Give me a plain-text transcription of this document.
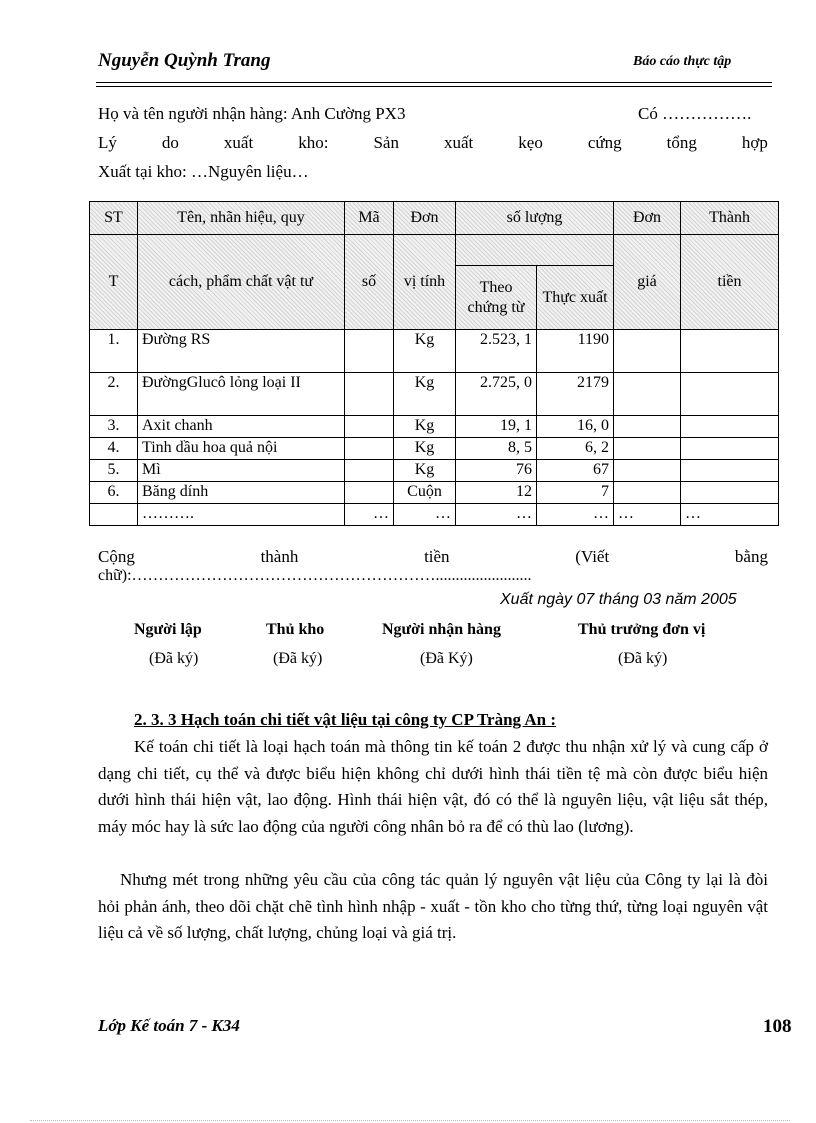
Nguyễn Quỳnh Trang	Báo cáo thực tập
Họ và tên người nhận hàng: Anh Cường PX3	Có …………….
Lý	do	xuất	kho:	Sản	xuất	kẹo	cứng	tổng	hợp
Xuất tại kho: …Nguyên liệu…
ST	Tên, nhãn hiệu, quy	Mã	Đơn	số lượng		Đơn	Thành
T	cách, phẩm chất vật tư	số	vị tính			giá	tiền
				Theo chứng từ	Thực xuất		
1.	Đường RS		Kg	2.523, 1	1190		
2.	ĐườngGlucô lỏng loại II		Kg	2.725, 0	2179		
3.	Axit chanh		Kg	19, 1	16, 0		
4.	Tinh dầu hoa quả nội		Kg	8, 5	6, 2		
5.	Mì		Kg	76	67		
6.	Băng dính		Cuộn	12	7		
	……….	…	…	…	…	…	…
Cộng	thành	tiền	(Viết	bằng
chữ):…………………………………………………........................
Xuất ngày 07 tháng 03 năm 2005
Người lập	Thủ kho	Người nhận hàng	Thủ trưởng đơn vị
(Đã ký)	(Đã ký)	(Đã Ký)	(Đã ký)
2. 3. 3 Hạch toán chi tiết vật liệu tại công ty CP Tràng An :

Kế toán chi tiết là loại hạch toán mà thông tin kế toán 2 được thu nhận xử lý và cung cấp ở dạng chi tiết, cụ thể và được biểu hiện không chỉ dưới hình thái tiền tệ mà còn được biểu hiện dưới hình thái hiện vật, lao động. Hình thái hiện vật, đó có thể là nguyên liệu, vật liệu sắt thép, máy móc hay là sức lao động của người công nhân bỏ ra để có thù lao (lương).

Nhưng mét trong những yêu cầu của công tác quản lý nguyên vật liệu của Công ty lại là đòi hỏi phản ánh, theo dõi chặt chẽ tình hình nhập - xuất - tồn kho cho từng thứ, từng loại nguyên vật liệu cả về số lượng, chất lượng, chủng loại và giá trị.

Lớp Kế toán 7 - K34	108
